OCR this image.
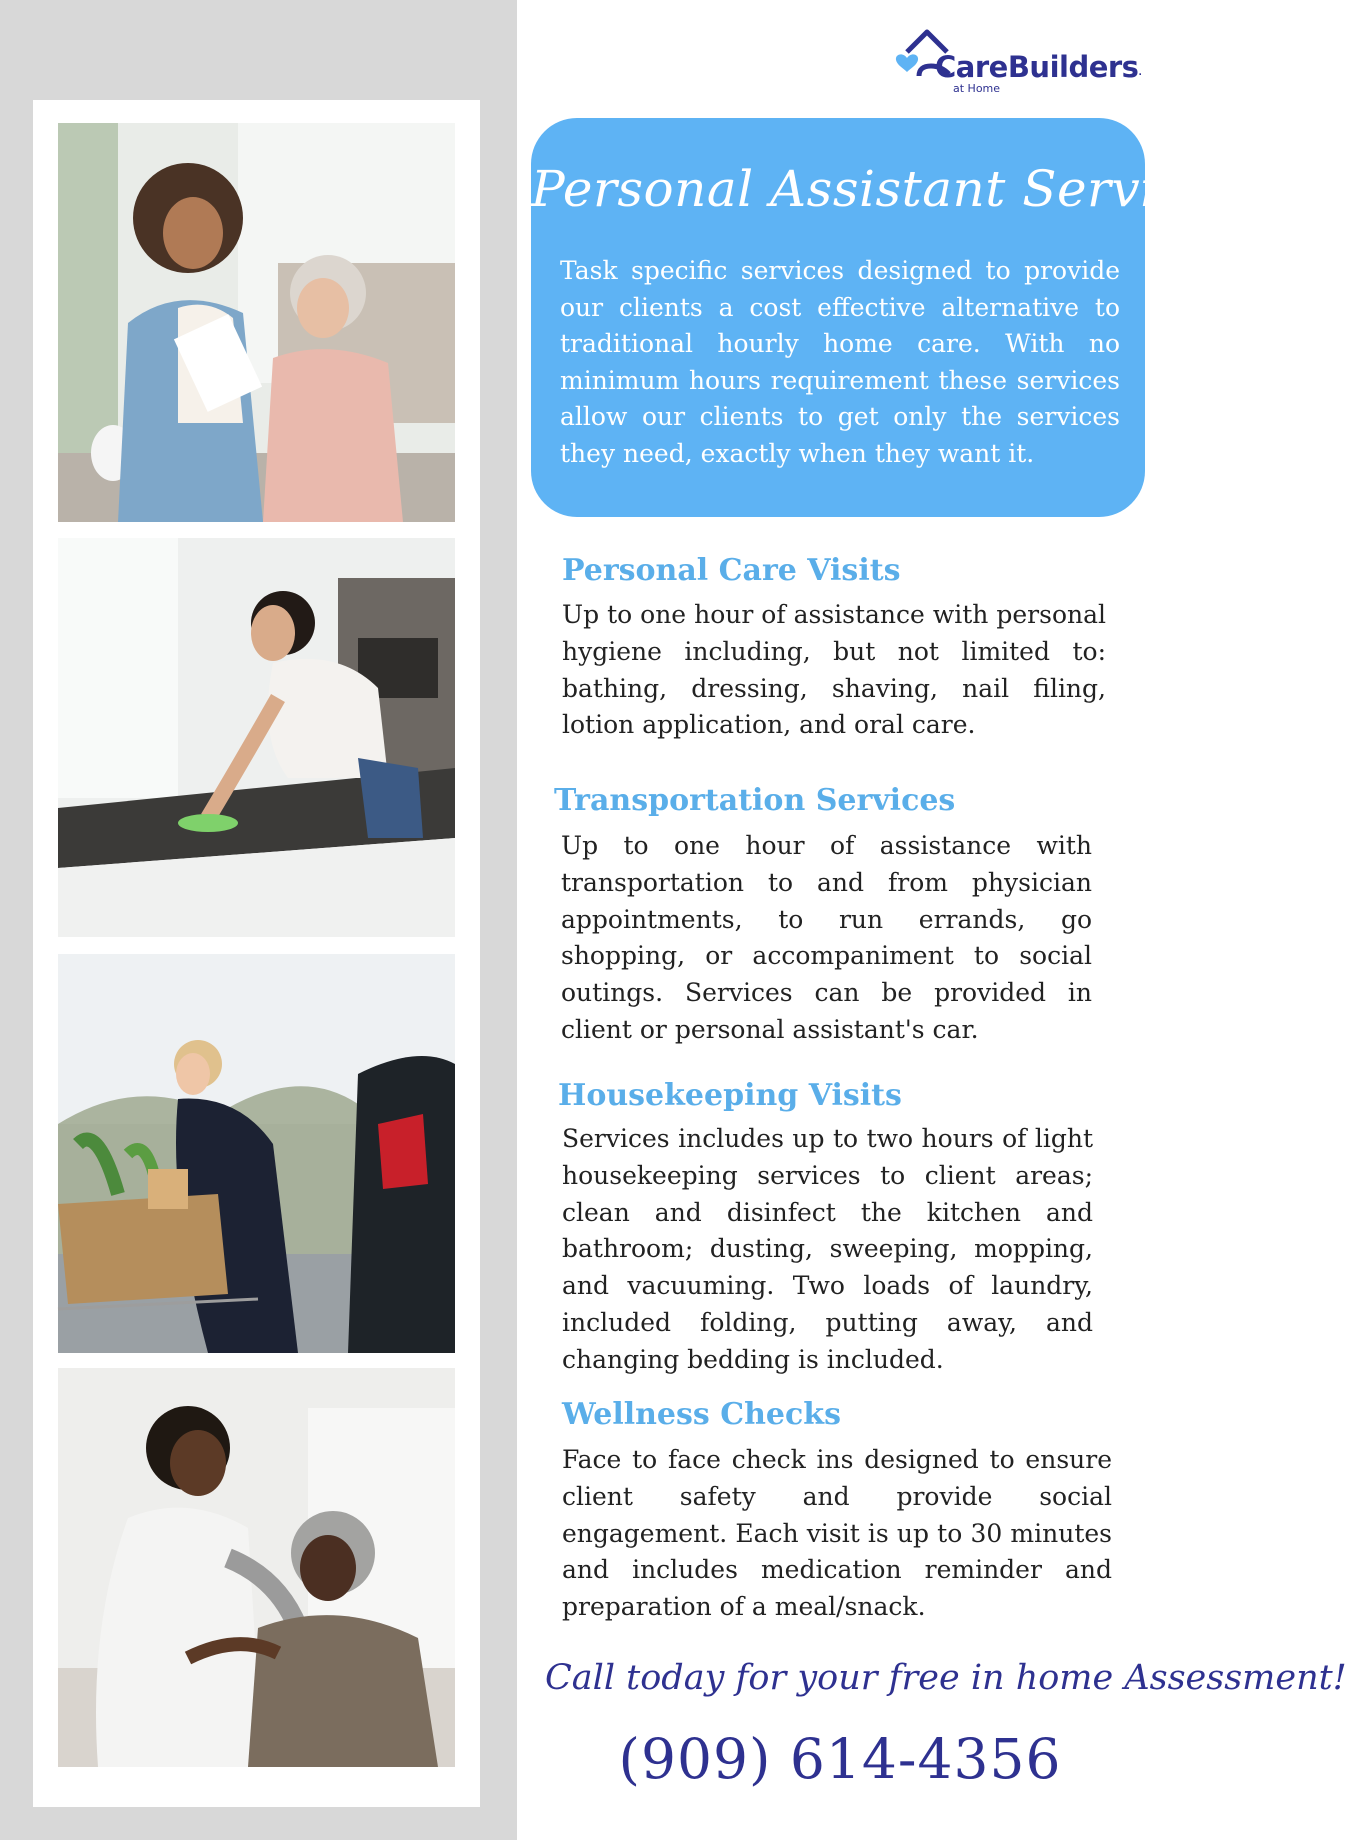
CareBuilders.
at Home
Personal Assistant Services

Task specific services designed to provide our clients a cost effective alternative to traditional hourly home care. With no minimum hours requirement these services allow our clients to get only the services they need, exactly when they want it.

Personal Care Visits

Up to one hour of assistance with personal hygiene including, but not limited to: bathing, dressing, shaving, nail filing, lotion application, and oral care.

Transportation Services

Up to one hour of assistance with transportation to and from physician appointments, to run errands, go shopping, or accompaniment to social outings. Services can be provided in client or personal assistant's car.

Housekeeping Visits

Services includes up to two hours of light housekeeping services to client areas; clean and disinfect the kitchen and bathroom; dusting, sweeping, mopping, and vacuuming. Two loads of laundry, included folding, putting away, and changing bedding is included.

Wellness Checks

Face to face check ins designed to ensure client safety and provide social engagement. Each visit is up to 30 minutes and includes medication reminder and preparation of a meal/snack.

Call today for your free in home Assessment!
(909) 614-4356
